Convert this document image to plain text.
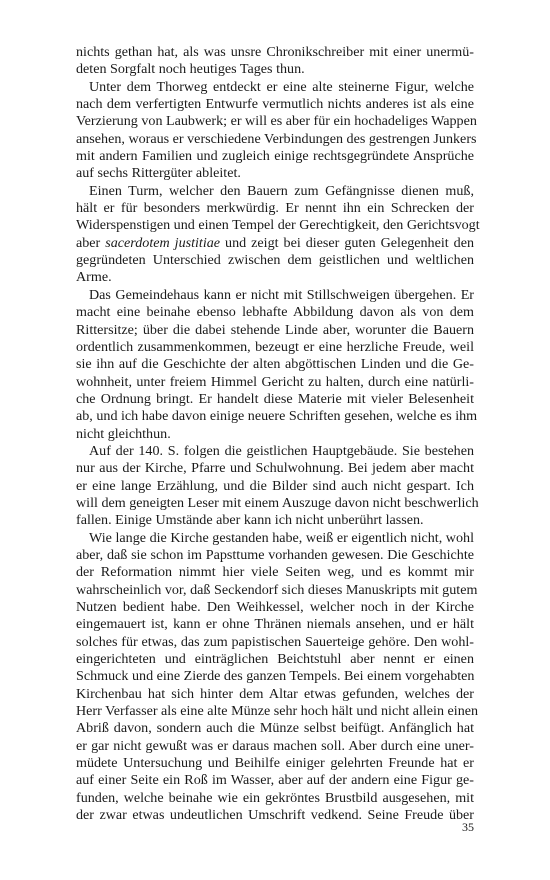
nichts gethan hat, als was unsre Chronikschreiber mit einer unermü-
deten Sorgfalt noch heutiges Tages thun.
Unter dem Thorweg entdeckt er eine alte steinerne Figur, welche
nach dem verfertigten Entwurfe vermutlich nichts anderes ist als eine
Verzierung von Laubwerk; er will es aber für ein hochadeliges Wappen
ansehen, woraus er verschiedene Verbindungen des gestrengen Junkers
mit andern Familien und zugleich einige rechtsgegründete Ansprüche
auf sechs Rittergüter ableitet.
Einen Turm, welcher den Bauern zum Gefängnisse dienen muß,
hält er für besonders merkwürdig. Er nennt ihn ein Schrecken der
Widerspenstigen und einen Tempel der Gerechtigkeit, den Gerichtsvogt
aber sacerdotem justitiae und zeigt bei dieser guten Gelegenheit den
gegründeten Unterschied zwischen dem geistlichen und weltlichen
Arme.
Das Gemeindehaus kann er nicht mit Stillschweigen übergehen. Er
macht eine beinahe ebenso lebhafte Abbildung davon als von dem
Rittersitze; über die dabei stehende Linde aber, worunter die Bauern
ordentlich zusammenkommen, bezeugt er eine herzliche Freude, weil
sie ihn auf die Geschichte der alten abgöttischen Linden und die Ge-
wohnheit, unter freiem Himmel Gericht zu halten, durch eine natürli-
che Ordnung bringt. Er handelt diese Materie mit vieler Belesenheit
ab, und ich habe davon einige neuere Schriften gesehen, welche es ihm
nicht gleichthun.
Auf der 140. S. folgen die geistlichen Hauptgebäude. Sie bestehen
nur aus der Kirche, Pfarre und Schulwohnung. Bei jedem aber macht
er eine lange Erzählung, und die Bilder sind auch nicht gespart. Ich
will dem geneigten Leser mit einem Auszuge davon nicht beschwerlich
fallen. Einige Umstände aber kann ich nicht unberührt lassen.
Wie lange die Kirche gestanden habe, weiß er eigentlich nicht, wohl
aber, daß sie schon im Papsttume vorhanden gewesen. Die Geschichte
der Reformation nimmt hier viele Seiten weg, und es kommt mir
wahrscheinlich vor, daß Seckendorf sich dieses Manuskripts mit gutem
Nutzen bedient habe. Den Weihkessel, welcher noch in der Kirche
eingemauert ist, kann er ohne Thränen niemals ansehen, und er hält
solches für etwas, das zum papistischen Sauerteige gehöre. Den wohl-
eingerichteten und einträglichen Beichtstuhl aber nennt er einen
Schmuck und eine Zierde des ganzen Tempels. Bei einem vorgehabten
Kirchenbau hat sich hinter dem Altar etwas gefunden, welches der
Herr Verfasser als eine alte Münze sehr hoch hält und nicht allein einen
Abriß davon, sondern auch die Münze selbst beifügt. Anfänglich hat
er gar nicht gewußt was er daraus machen soll. Aber durch eine uner-
müdete Untersuchung und Beihilfe einiger gelehrten Freunde hat er
auf einer Seite ein Roß im Wasser, aber auf der andern eine Figur ge-
funden, welche beinahe wie ein gekröntes Brustbild ausgesehen, mit
der zwar etwas undeutlichen Umschrift vedkend. Seine Freude über
35
